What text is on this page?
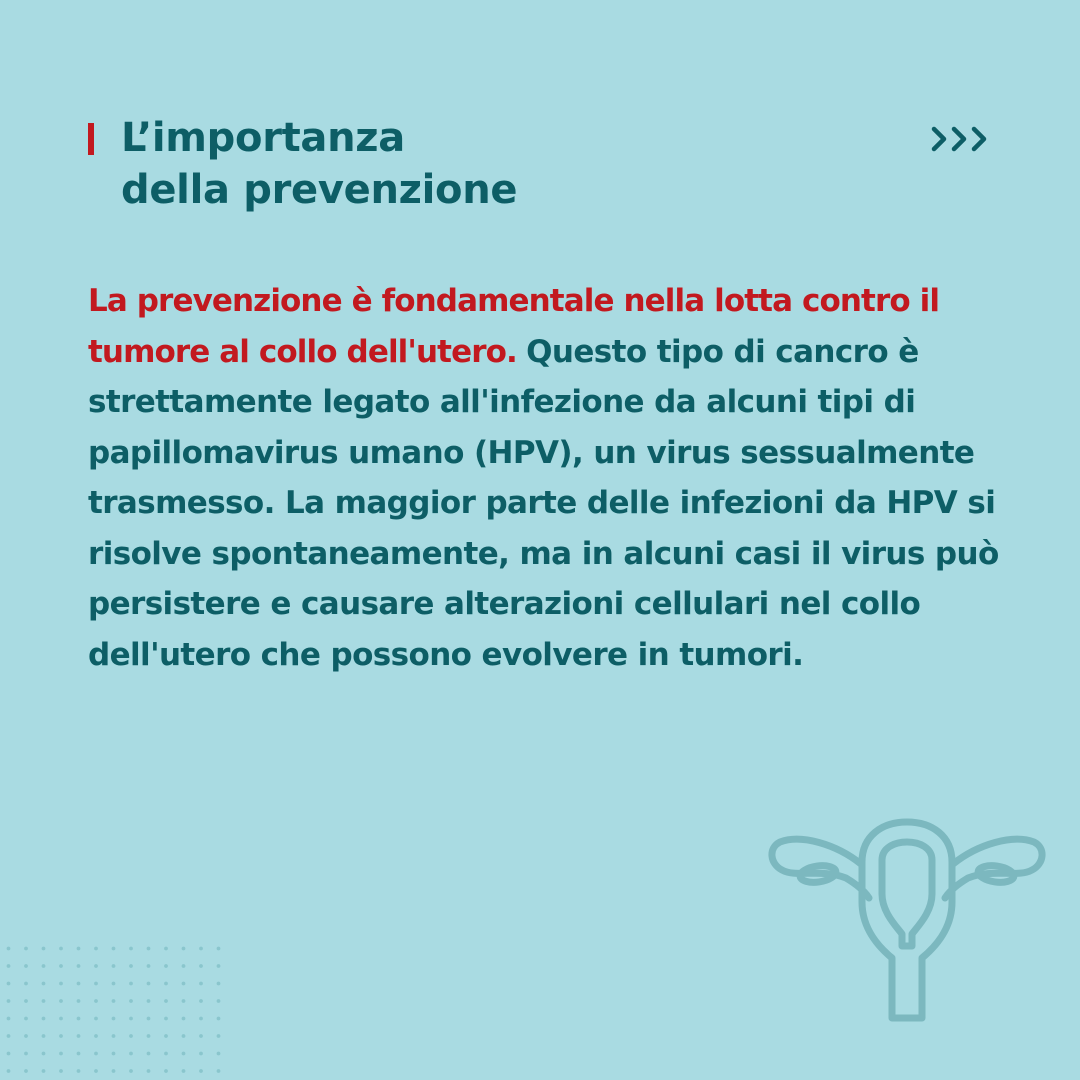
L’importanza
della prevenzione

La prevenzione è fondamentale nella lotta contro il tumore al collo dell'utero. Questo tipo di cancro è strettamente legato all'infezione da alcuni tipi di papillomavirus umano (HPV), un virus sessualmente trasmesso. La maggior parte delle infezioni da HPV si risolve spontaneamente, ma in alcuni casi il virus può persistere e causare alterazioni cellulari nel collo dell'utero che possono evolvere in tumori.
